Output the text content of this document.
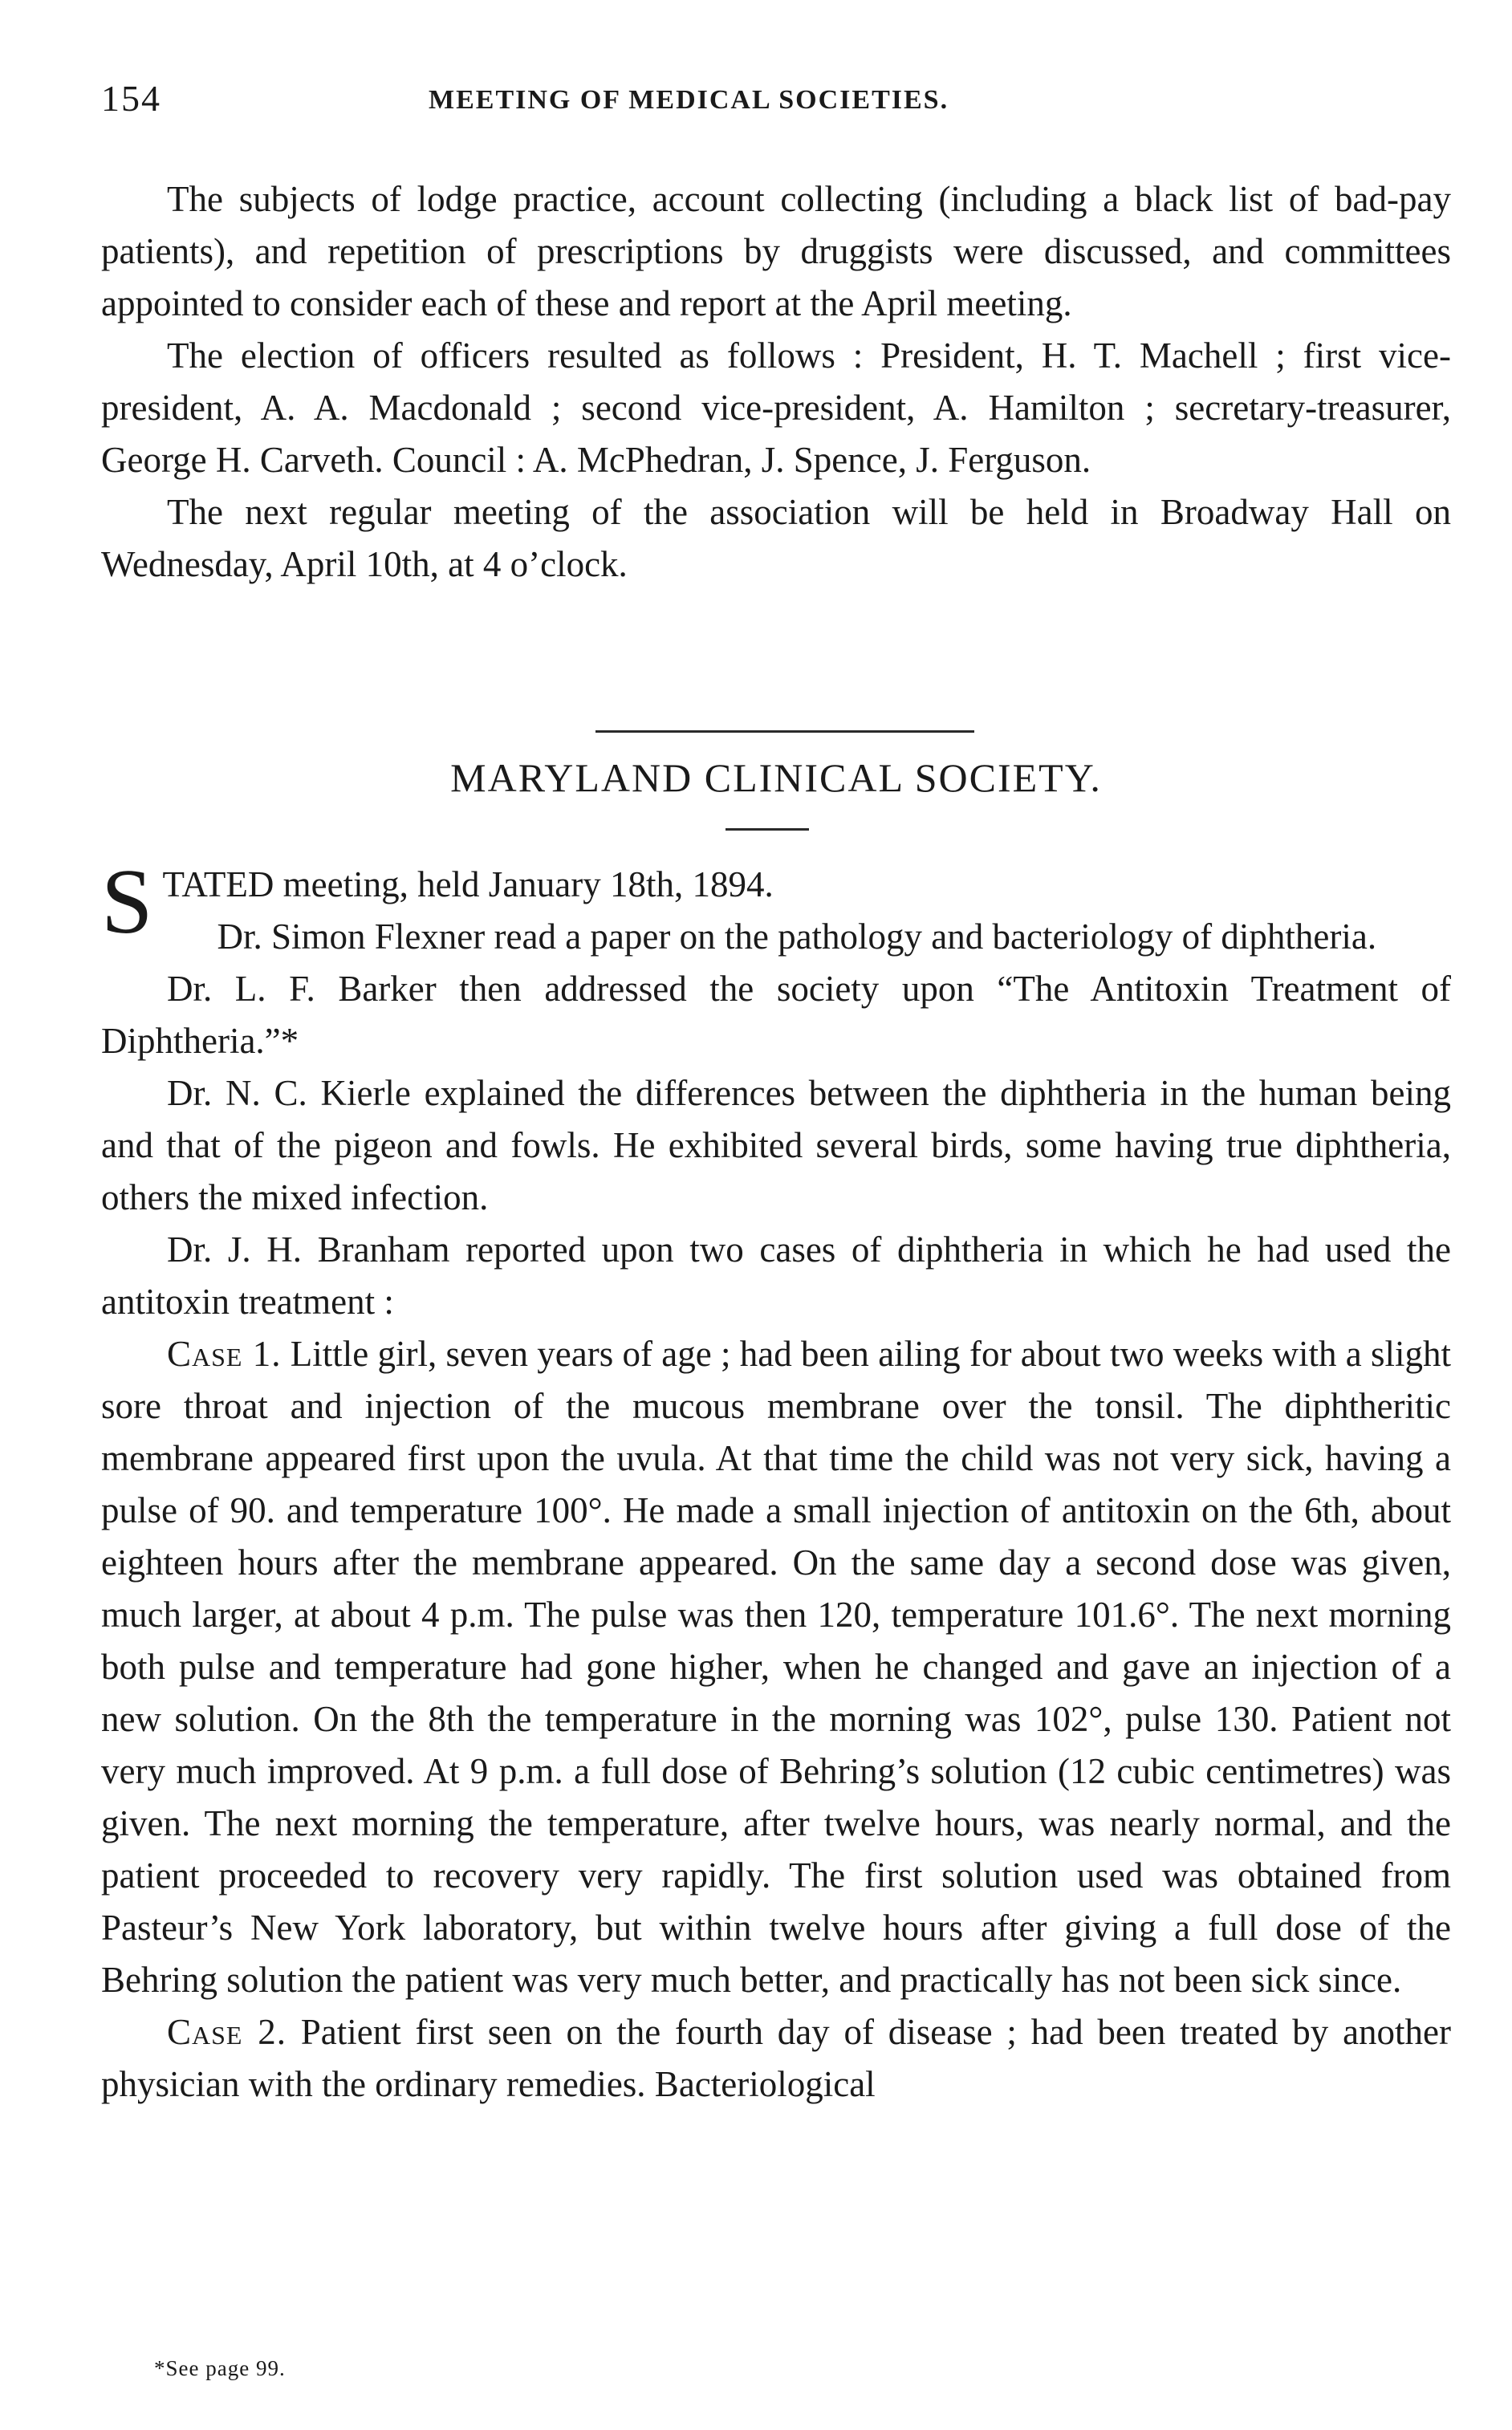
154	MEETING OF MEDICAL SOCIETIES.

The subjects of lodge practice, account collecting (including a black list of bad-pay patients), and repetition of prescriptions by druggists were discussed, and committees appointed to consider each of these and report at the April meeting.

The election of officers resulted as follows : President, H. T. Machell ; first vice-president, A. A. Macdonald ; second vice-president, A. Hamilton ; secretary-treasurer, George H. Carveth. Council : A. McPhedran, J. Spence, J. Ferguson.

The next regular meeting of the association will be held in Broadway Hall on Wednesday, April 10th, at 4 o’clock.

MARYLAND CLINICAL SOCIETY.

S TATED meeting, held January 18th, 1894.
Dr. Simon Flexner read a paper on the pathology and bacteriology of diphtheria.

Dr. L. F. Barker then addressed the society upon “The Antitoxin Treatment of Diphtheria.”*

Dr. N. C. Kierle explained the differences between the diphtheria in the human being and that of the pigeon and fowls. He exhibited several birds, some having true diphtheria, others the mixed infection.

Dr. J. H. Branham reported upon two cases of diphtheria in which he had used the antitoxin treatment :

Case 1. Little girl, seven years of age ; had been ailing for about two weeks with a slight sore throat and injection of the mucous membrane over the tonsil. The diphtheritic membrane appeared first upon the uvula. At that time the child was not very sick, having a pulse of 90. and temperature 100°. He made a small injection of antitoxin on the 6th, about eighteen hours after the membrane appeared. On the same day a second dose was given, much larger, at about 4 p.m. The pulse was then 120, temperature 101.6°. The next morning both pulse and temperature had gone higher, when he changed and gave an injection of a new solution. On the 8th the temperature in the morning was 102°, pulse 130. Patient not very much improved. At 9 p.m. a full dose of Behring’s solution (12 cubic centimetres) was given. The next morning the temperature, after twelve hours, was nearly normal, and the patient proceeded to recovery very rapidly. The first solution used was obtained from Pasteur’s New York laboratory, but within twelve hours after giving a full dose of the Behring solution the patient was very much better, and practically has not been sick since.

Case 2. Patient first seen on the fourth day of disease ; had been treated by another physician with the ordinary remedies. Bacteriological

*See page 99.
